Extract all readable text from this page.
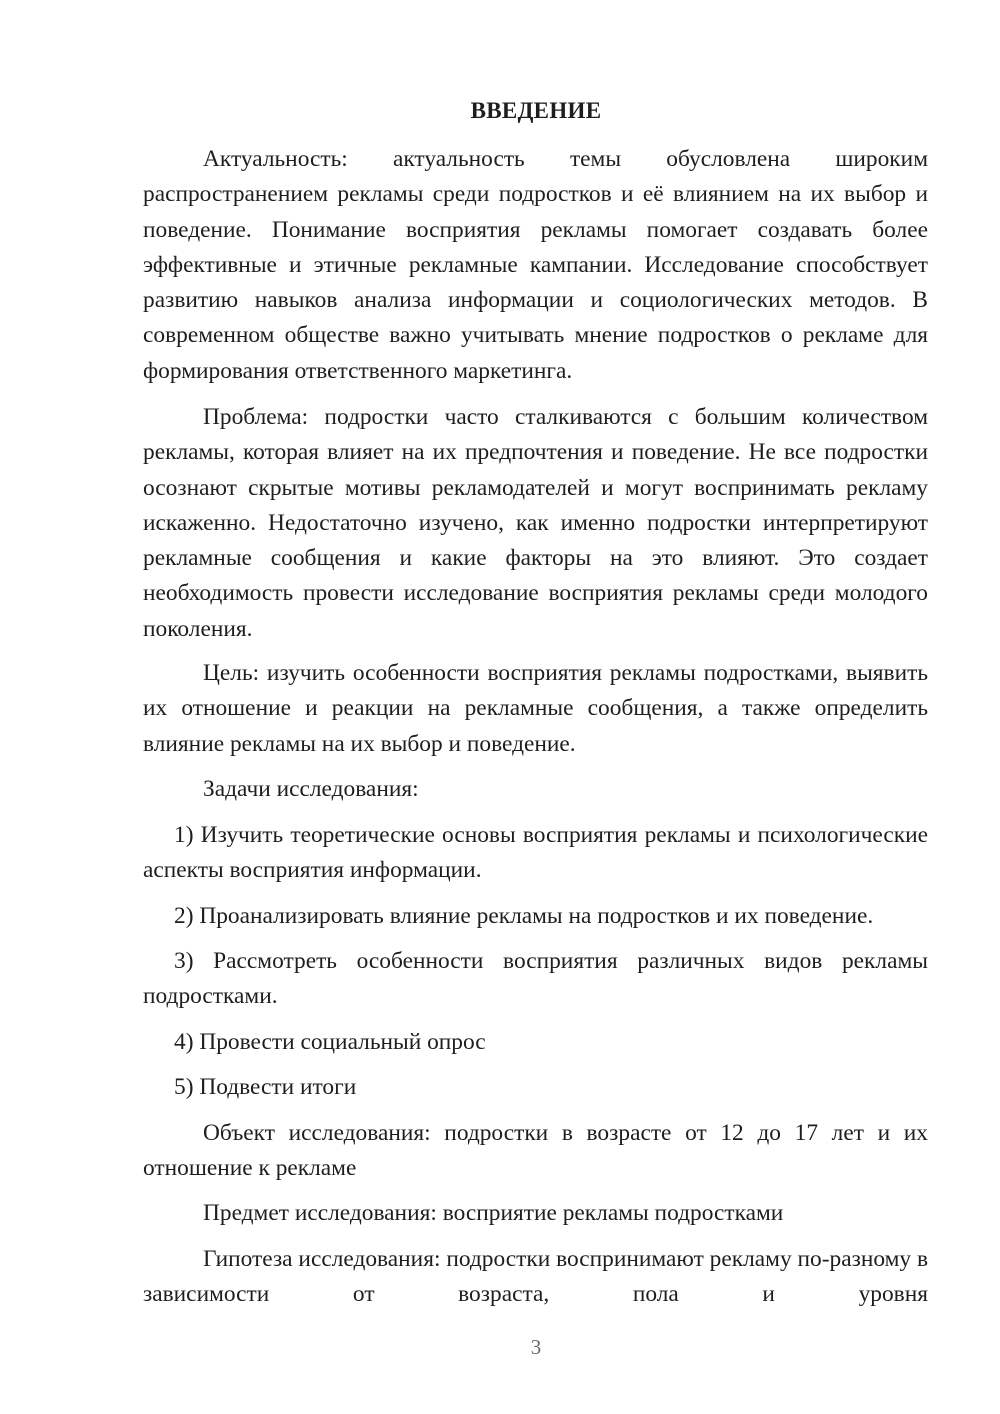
ВВЕДЕНИЕ

Актуальность: актуальность темы обусловлена широким распространением рекламы среди подростков и её влиянием на их выбор и поведение. Понимание восприятия рекламы помогает создавать более эффективные и этичные рекламные кампании. Исследование способствует развитию навыков анализа информации и социологических методов. В современном обществе важно учитывать мнение подростков о рекламе для формирования ответственного маркетинга.

Проблема: подростки часто сталкиваются с большим количеством рекламы, которая влияет на их предпочтения и поведение. Не все подростки осознают скрытые мотивы рекламодателей и могут воспринимать рекламу искаженно. Недостаточно изучено, как именно подростки интерпретируют рекламные сообщения и какие факторы на это влияют. Это создает необходимость провести исследование восприятия рекламы среди молодого поколения.

Цель: изучить особенности восприятия рекламы подростками, выявить их отношение и реакции на рекламные сообщения, а также определить влияние рекламы на их выбор и поведение.

Задачи исследования:

1) Изучить теоретические основы восприятия рекламы и психологические аспекты восприятия информации.

2) Проанализировать влияние рекламы на подростков и их поведение.

3) Рассмотреть особенности восприятия различных видов рекламы подростками.

4) Провести социальный опрос

5) Подвести итоги

Объект исследования: подростки в возрасте от 12 до 17 лет и их отношение к рекламе

Предмет исследования: восприятие рекламы подростками

Гипотеза исследования: подростки воспринимают рекламу по-разному в зависимости от возраста, пола и уровня

3
